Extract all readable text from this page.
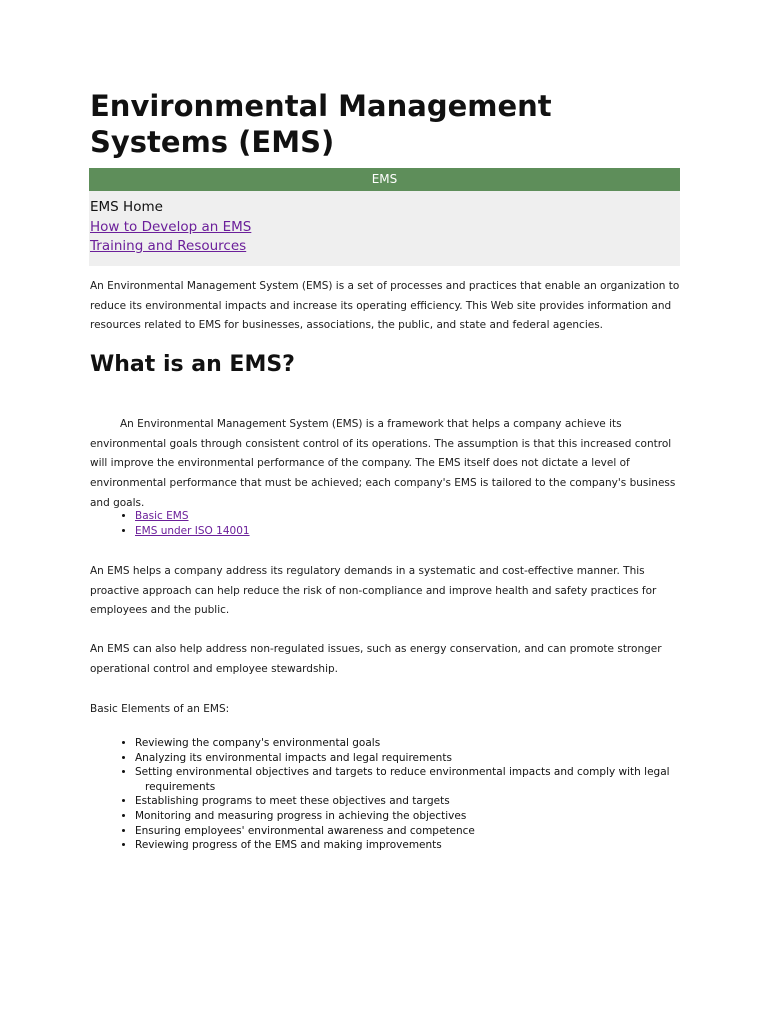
Environmental Management Systems (EMS)
EMS
EMS Home
How to Develop an EMS
Training and Resources

An Environmental Management System (EMS) is a set of processes and practices that enable an organization to reduce its environmental impacts and increase its operating efficiency. This Web site provides information and resources related to EMS for businesses, associations, the public, and state and federal agencies.

What is an EMS?

An Environmental Management System (EMS) is a framework that helps a company achieve its environmental goals through consistent control of its operations. The assumption is that this increased control will improve the environmental performance of the company. The EMS itself does not dictate a level of environmental performance that must be achieved; each company's EMS is tailored to the company's business and goals.

• Basic EMS
• EMS under ISO 14001

An EMS helps a company address its regulatory demands in a systematic and cost-effective manner. This proactive approach can help reduce the risk of non-compliance and improve health and safety practices for employees and the public.

An EMS can also help address non-regulated issues, such as energy conservation, and can promote stronger operational control and employee stewardship.

Basic Elements of an EMS:

• Reviewing the company's environmental goals
• Analyzing its environmental impacts and legal requirements
• Setting environmental objectives and targets to reduce environmental impacts and comply with legal
requirements
• Establishing programs to meet these objectives and targets
• Monitoring and measuring progress in achieving the objectives
• Ensuring employees' environmental awareness and competence
• Reviewing progress of the EMS and making improvements
